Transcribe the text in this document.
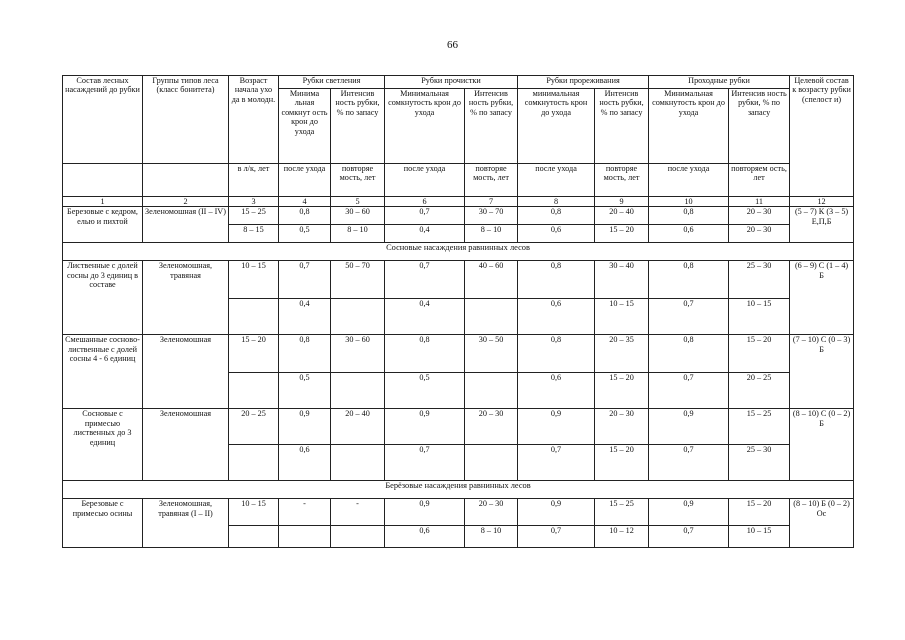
66
Состав лесных насаждений до рубки	Группы типов леса (класс бонитета)	Возраст начала ухо да в молодн.	Рубки светления		Рубки прочистки		Рубки прореживания		Проходные рубки		Целевой состав к возрасту рубки (спелост и)
			Минима льная сомкнут ость крон до ухода	Интенсив ность рубки, % по запасу	Минимальная сомкнутость крон до ухода	Интенсив ность рубки, % по запасу	минимальная сомкнутость крон до ухода	Интенсив ность рубки, % по запасу	Минимальная сомкнутость крон до ухода	Интенсив ность рубки, % по запасу	
		в л/к, лет	после ухода	повторяе мость, лет	после ухода	повторяе мость, лет	после ухода	повторяе мость, лет	после ухода	повторяем ость, лет	
1	2	3	4	5	6	7	8	9	10	11	12
Березовые с кедром, елью и пихтой	Зеленомошная (II – IV)	15 – 25	0,8	30 – 60	0,7	30 – 70	0,8	20 – 40	0,8	20 – 30	(5 – 7) К (3 – 5) Е,П,Б
		8 – 15	0,5	8 – 10	0,4	8 – 10	0,6	15 – 20	0,6	20 – 30	
Сосновые насаждения равнинных лесов											
Лиственные с долей сосны до 3 единиц в составе	Зеленомошная, травяная	10 – 15	0,7	50 – 70	0,7	40 – 60	0,8	30 – 40	0,8	25 – 30	(6 – 9) С (1 – 4) Б
			0,4		0,4		0,6	10 – 15	0,7	10 – 15	
Смешанные сосново-лиственные с долей сосны 4 - 6 единиц	Зеленомошная	15 – 20	0,8	30 – 60	0,8	30 – 50	0,8	20 – 35	0,8	15 – 20	(7 – 10) С (0 – 3) Б
			0,5		0,5		0,6	15 – 20	0,7	20 – 25	
Сосновые с примесью лиственных до 3 единиц	Зеленомошная	20 – 25	0,9	20 – 40	0,9	20 – 30	0,9	20 – 30	0,9	15 – 25	(8 – 10) С (0 – 2) Б
			0,6		0,7		0,7	15 – 20	0,7	25 – 30	
Берёзовые насаждения равнинных лесов											
Березовые с примесью осины	Зеленомошная, травяная (I – II)	10 – 15	-	-	0,9	20 – 30	0,9	15 – 25	0,9	15 – 20	(8 – 10) Б (0 – 2) Ос
					0,6	8 – 10	0,7	10 – 12	0,7	10 – 15	
